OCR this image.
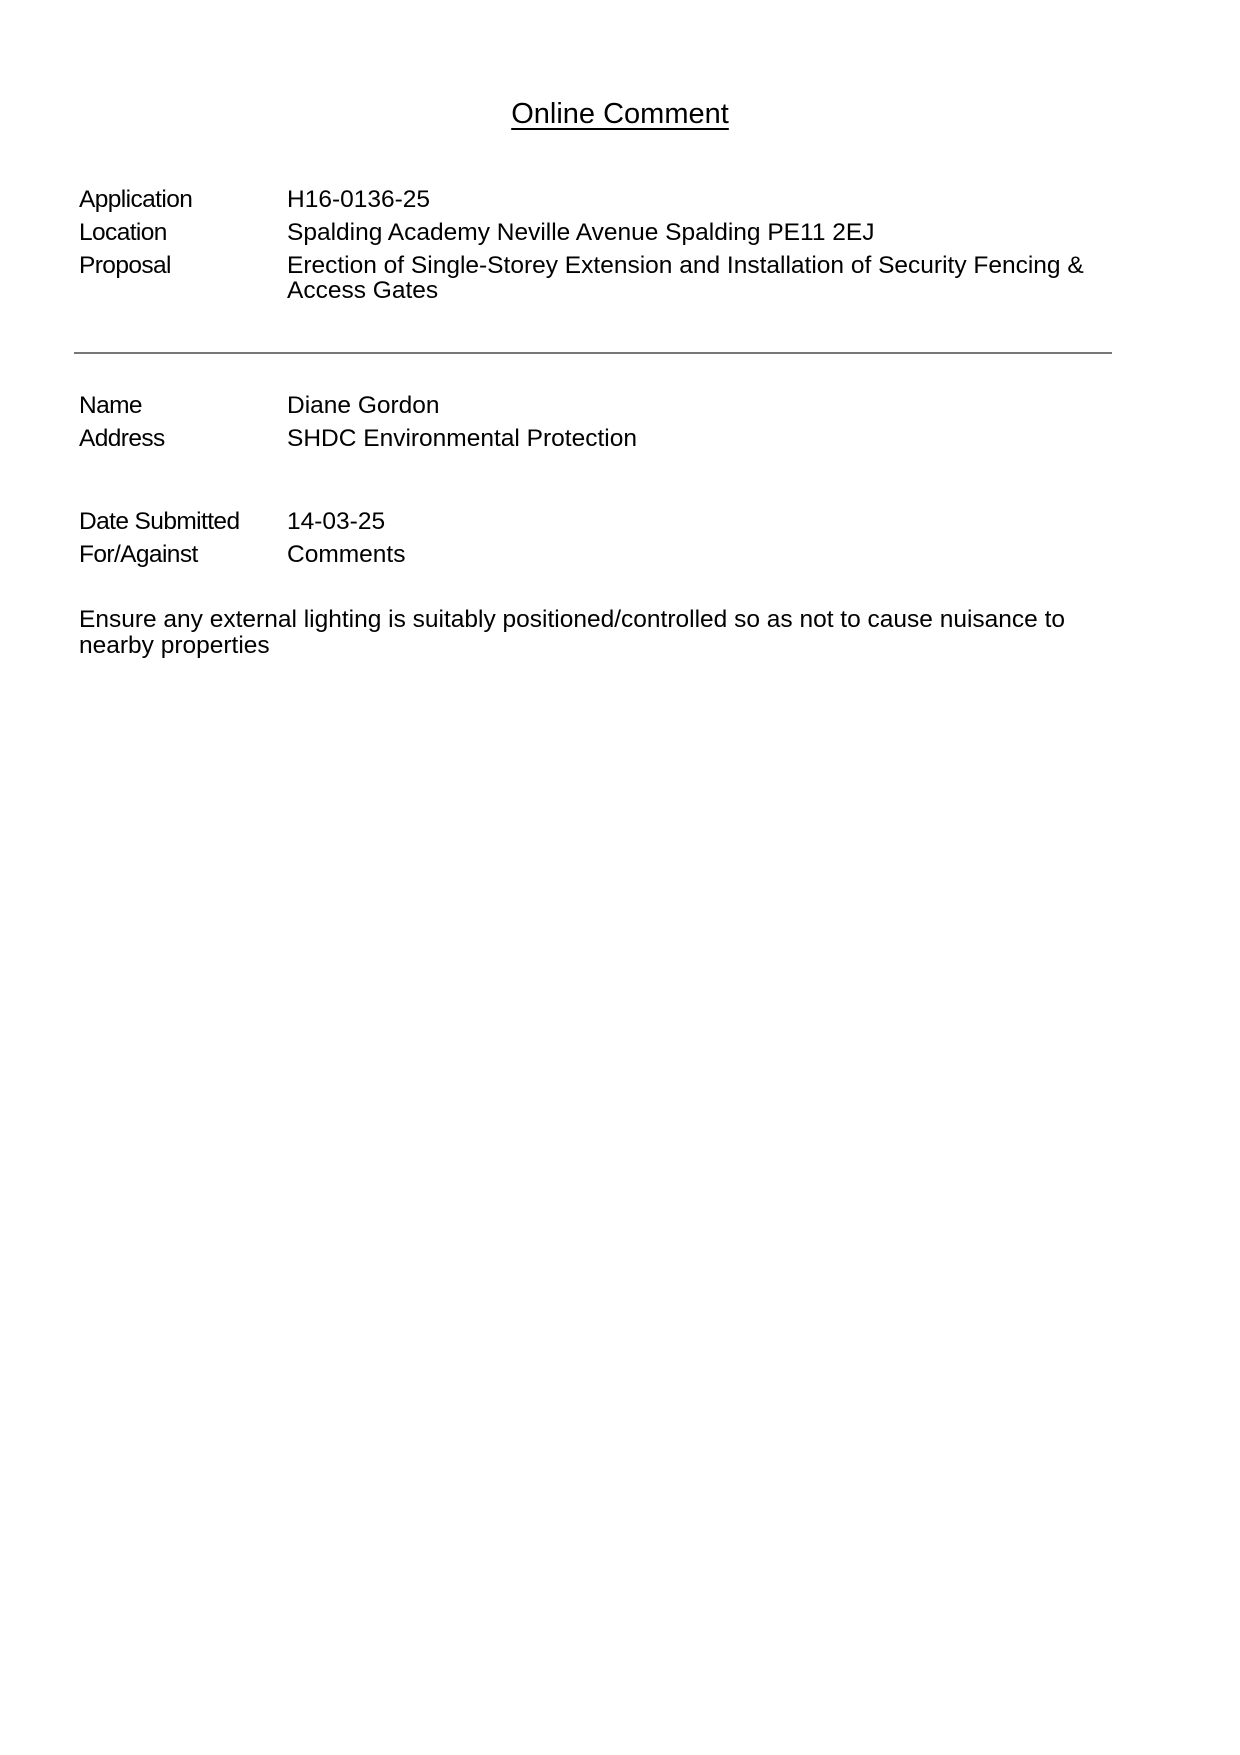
Online Comment
Application	H16-0136-25
Location	Spalding Academy Neville Avenue Spalding PE11 2EJ
Proposal	Erection of Single-Storey Extension and Installation of Security Fencing & Access Gates
Name	Diane Gordon
Address	SHDC Environmental Protection
Date Submitted	14-03-25
For/Against	Comments
Ensure any external lighting is suitably positioned/controlled so as not to cause nuisance to nearby properties
